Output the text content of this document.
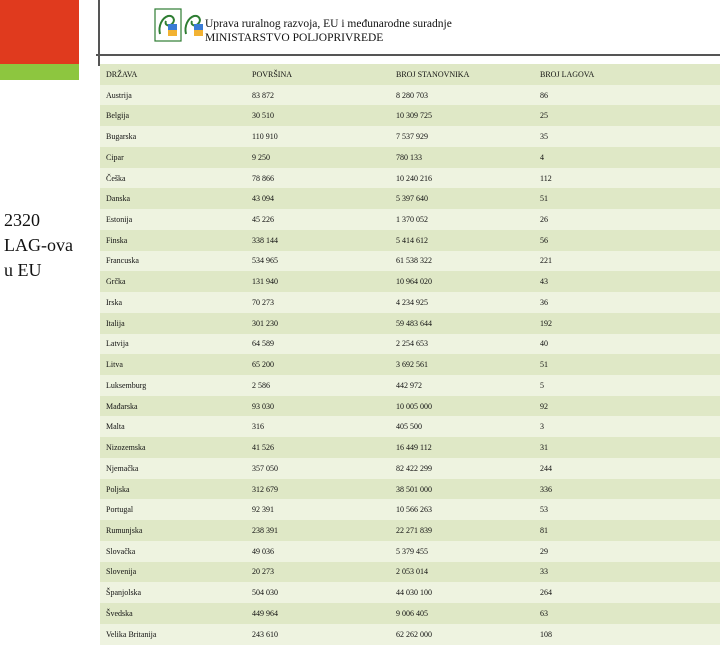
Uprava ruralnog razvoja, EU i međunarodne suradnje
MINISTARSTVO POLJOPRIVREDE
2320
LAG-ova
u EU
DRŽAVA	POVRŠINA	BROJ STANOVNIKA	BROJ LAGOVA
Austrija	83 872	8 280 703	86
Belgija	30 510	10 309 725	25
Bugarska	110 910	7 537 929	35
Cipar	9 250	780 133	4
Češka	78 866	10 240 216	112
Danska	43 094	5 397 640	51
Estonija	45 226	1 370 052	26
Finska	338 144	5 414 612	56
Francuska	534 965	61 538 322	221
Grčka	131 940	10 964 020	43
Irska	70 273	4 234 925	36
Italija	301 230	59 483 644	192
Latvija	64 589	2 254 653	40
Litva	65 200	3 692 561	51
Luksemburg	2 586	442 972	5
Mađarska	93 030	10 005 000	92
Malta	316	405 500	3
Nizozemska	41 526	16 449 112	31
Njemačka	357 050	82 422 299	244
Poljska	312 679	38 501 000	336
Portugal	92 391	10 566 263	53
Rumunjska	238 391	22 271 839	81
Slovačka	49 036	5 379 455	29
Slovenija	20 273	2 053 014	33
Španjolska	504 030	44 030 100	264
Švedska	449 964	9 006 405	63
Velika Britanija	243 610	62 262 000	108
